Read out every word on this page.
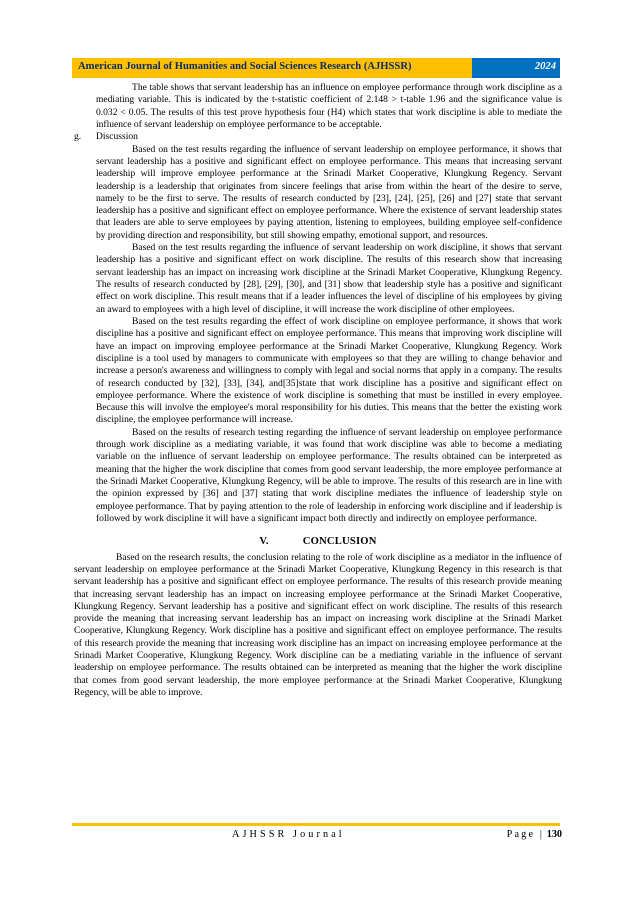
American Journal of Humanities and Social Sciences Research (AJHSSR)	2024

The table shows that servant leadership has an influence on employee performance through work discipline as a mediating variable. This is indicated by the t-statistic coefficient of 2.148 > t-table 1.96 and the significance value is 0.032 < 0.05. The results of this test prove hypothesis four (H4) which states that work discipline is able to mediate the influence of servant leadership on employee performance to be acceptable.

g.	Discussion

Based on the test results regarding the influence of servant leadership on employee performance, it shows that servant leadership has a positive and significant effect on employee performance. This means that increasing servant leadership will improve employee performance at the Srinadi Market Cooperative, Klungkung Regency. Servant leadership is a leadership that originates from sincere feelings that arise from within the heart of the desire to serve, namely to be the first to serve. The results of research conducted by [23], [24], [25], [26] and [27] state that servant leadership has a positive and significant effect on employee performance. Where the existence of servant leadership states that leaders are able to serve employees by paying attention, listening to employees, building employee self-confidence by providing direction and responsibility, but still showing empathy, emotional support, and resources.

Based on the test results regarding the influence of servant leadership on work discipline, it shows that servant leadership has a positive and significant effect on work discipline. The results of this research show that increasing servant leadership has an impact on increasing work discipline at the Srinadi Market Cooperative, Klungkung Regency. The results of research conducted by [28], [29], [30], and [31] show that leadership style has a positive and significant effect on work discipline. This result means that if a leader influences the level of discipline of his employees by giving an award to employees with a high level of discipline, it will increase the work discipline of other employees.

Based on the test results regarding the effect of work discipline on employee performance, it shows that work discipline has a positive and significant effect on employee performance. This means that improving work discipline will have an impact on improving employee performance at the Srinadi Market Cooperative, Klungkung Regency. Work discipline is a tool used by managers to communicate with employees so that they are willing to change behavior and increase a person's awareness and willingness to comply with legal and social norms that apply in a company. The results of research conducted by [32], [33], [34], and[35]state that work discipline has a positive and significant effect on employee performance. Where the existence of work discipline is something that must be instilled in every employee. Because this will involve the employee's moral responsibility for his duties. This means that the better the existing work discipline, the employee performance will increase.

Based on the results of research testing regarding the influence of servant leadership on employee performance through work discipline as a mediating variable, it was found that work discipline was able to become a mediating variable on the influence of servant leadership on employee performance. The results obtained can be interpreted as meaning that the higher the work discipline that comes from good servant leadership, the more employee performance at the Srinadi Market Cooperative, Klungkung Regency, will be able to improve. The results of this research are in line with the opinion expressed by [36] and [37] stating that work discipline mediates the influence of leadership style on employee performance. That by paying attention to the role of leadership in enforcing work discipline and if leadership is followed by work discipline it will have a significant impact both directly and indirectly on employee performance.

V.	CONCLUSION

Based on the research results, the conclusion relating to the role of work discipline as a mediator in the influence of servant leadership on employee performance at the Srinadi Market Cooperative, Klungkung Regency in this research is that servant leadership has a positive and significant effect on employee performance. The results of this research provide meaning that increasing servant leadership has an impact on increasing employee performance at the Srinadi Market Cooperative, Klungkung Regency. Servant leadership has a positive and significant effect on work discipline. The results of this research provide the meaning that increasing servant leadership has an impact on increasing work discipline at the Srinadi Market Cooperative, Klungkung Regency. Work discipline has a positive and significant effect on employee performance. The results of this research provide the meaning that increasing work discipline has an impact on increasing employee performance at the Srinadi Market Cooperative, Klungkung Regency. Work discipline can be a mediating variable in the influence of servant leadership on employee performance. The results obtained can be interpreted as meaning that the higher the work discipline that comes from good servant leadership, the more employee performance at the Srinadi Market Cooperative, Klungkung Regency, will be able to improve.

AJHSSR Journal	Page | 130
